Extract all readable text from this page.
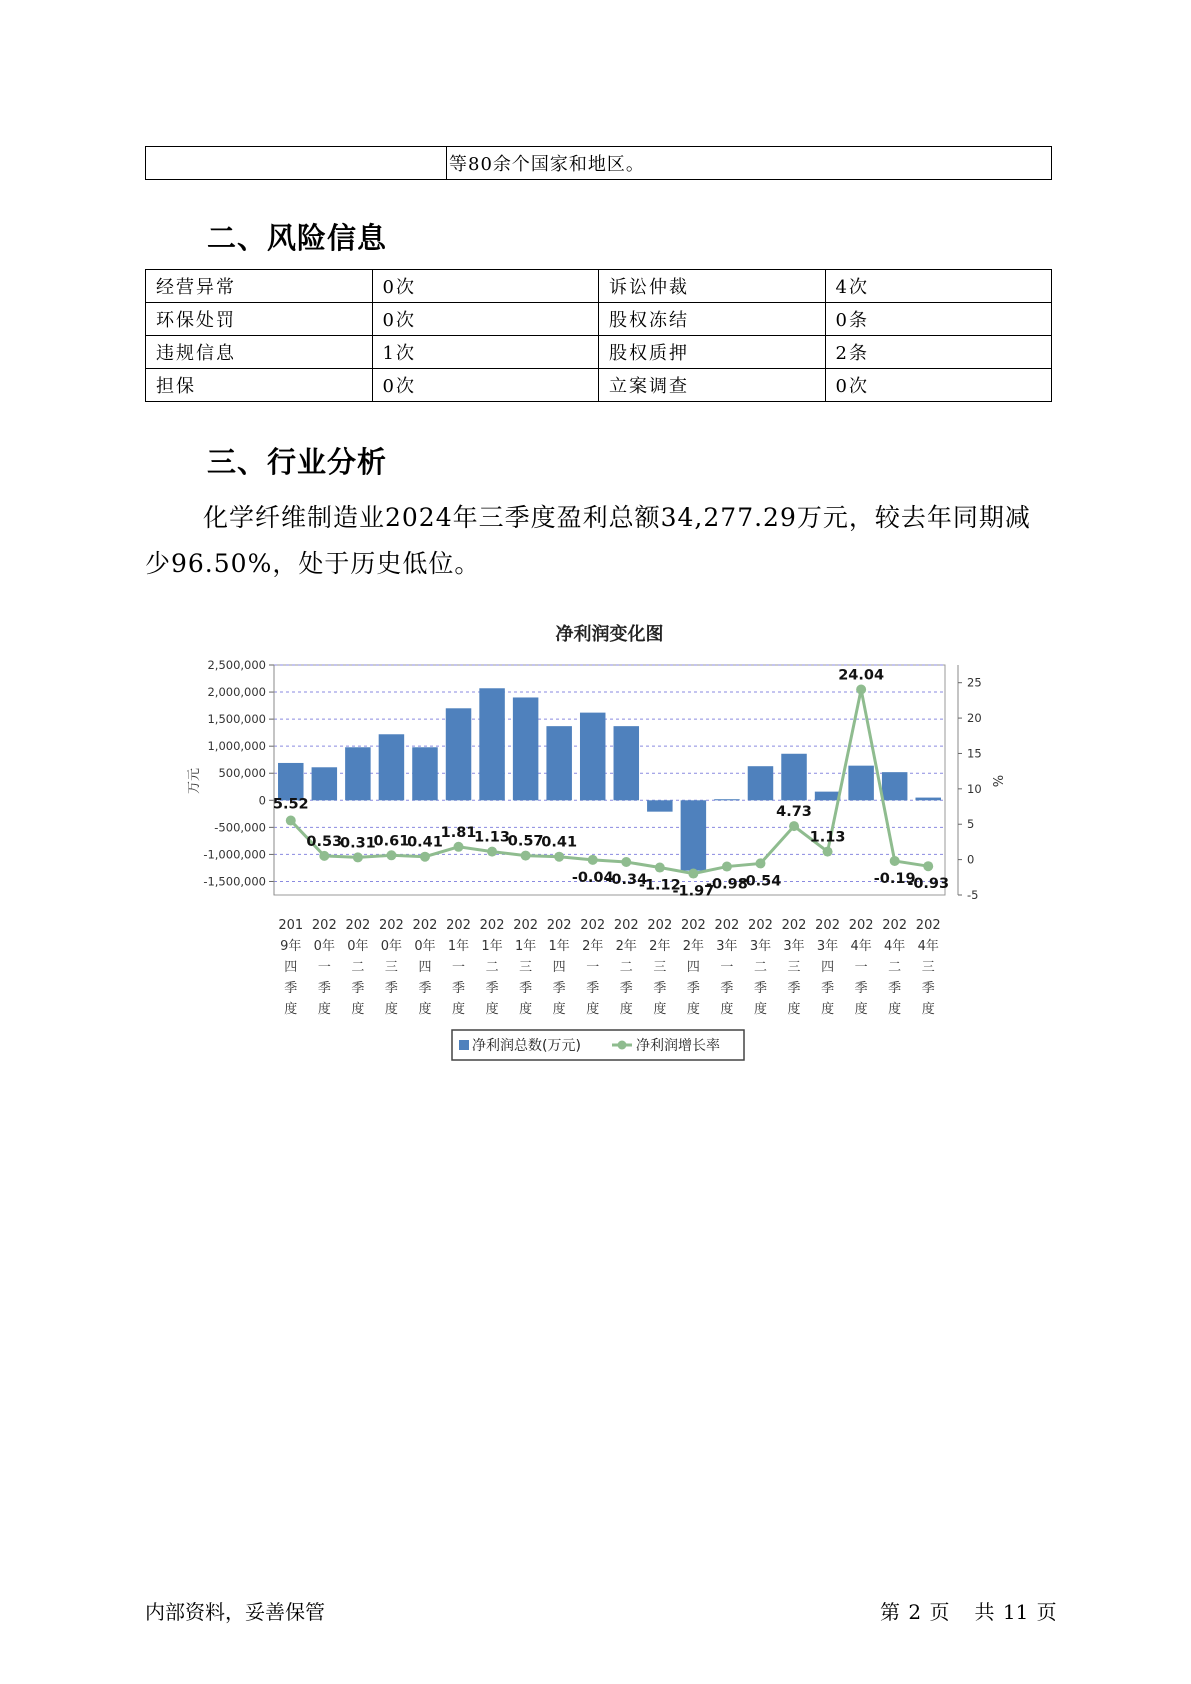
	等80余个国家和地区。
二、风险信息
经营异常	0次	诉讼仲裁	4次
环保处罚	0次	股权冻结	0条
违规信息	1次	股权质押	2条
担保	0次	立案调查	0次
三、行业分析
化学纤维制造业2024年三季度盈利总额34,277.29万元，较去年同期减
少96.50%，处于历史低位。
净利润变化图
2,500,000
2,000,000
1,500,000
1,000,000
500,000
0
-500,000
-1,000,000
-1,500,000
25
20
15
10
5
0
-5
万元	%
5.52
0.53
0.31
0.61
0.41
1.81
1.13
0.57
0.41
-0.04
-0.34
-1.12
-1.97
-0.98
-0.54
4.73
1.13
24.04
-0.19
-0.93
201
9年
四
季
度
202
0年
一
季
度
202
0年
二
季
度
202
0年
三
季
度
202
0年
四
季
度
202
1年
一
季
度
202
1年
二
季
度
202
1年
三
季
度
202
1年
四
季
度
202
2年
一
季
度
202
2年
二
季
度
202
2年
三
季
度
202
2年
四
季
度
202
3年
一
季
度
202
3年
二
季
度
202
3年
三
季
度
202
3年
四
季
度
202
4年
一
季
度
202
4年
二
季
度
202
4年
三
季
度
净利润总数(万元)	净利润增长率
内部资料，妥善保管	第 2 页   共 11 页
